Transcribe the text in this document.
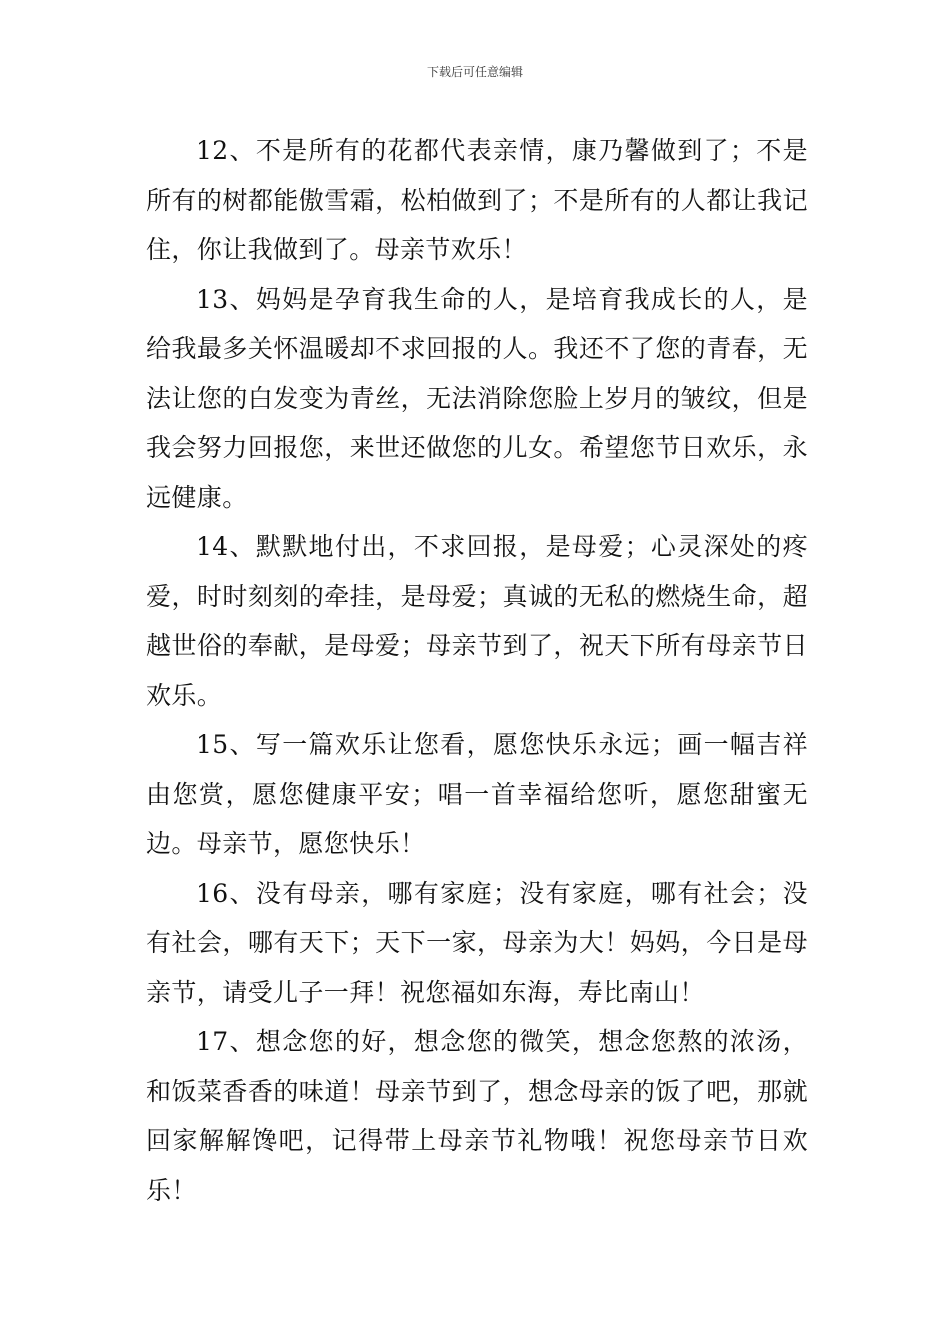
下载后可任意编辑

12、不是所有的花都代表亲情，康乃馨做到了；不是所有的树都能傲雪霜，松柏做到了；不是所有的人都让我记住，你让我做到了。母亲节欢乐！

13、妈妈是孕育我生命的人，是培育我成长的人，是给我最多关怀温暖却不求回报的人。我还不了您的青春，无法让您的白发变为青丝，无法消除您脸上岁月的皱纹，但是我会努力回报您，来世还做您的儿女。希望您节日欢乐，永远健康。

14、默默地付出，不求回报，是母爱；心灵深处的疼爱，时时刻刻的牵挂，是母爱；真诚的无私的燃烧生命，超越世俗的奉献，是母爱；母亲节到了，祝天下所有母亲节日欢乐。

15、写一篇欢乐让您看，愿您快乐永远；画一幅吉祥由您赏，愿您健康平安；唱一首幸福给您听，愿您甜蜜无边。母亲节，愿您快乐！

16、没有母亲，哪有家庭；没有家庭，哪有社会；没有社会，哪有天下；天下一家，母亲为大！妈妈，今日是母亲节，请受儿子一拜！祝您福如东海，寿比南山！

17、想念您的好，想念您的微笑，想念您熬的浓汤，和饭菜香香的味道！母亲节到了，想念母亲的饭了吧，那就回家解解馋吧，记得带上母亲节礼物哦！祝您母亲节日欢乐！
